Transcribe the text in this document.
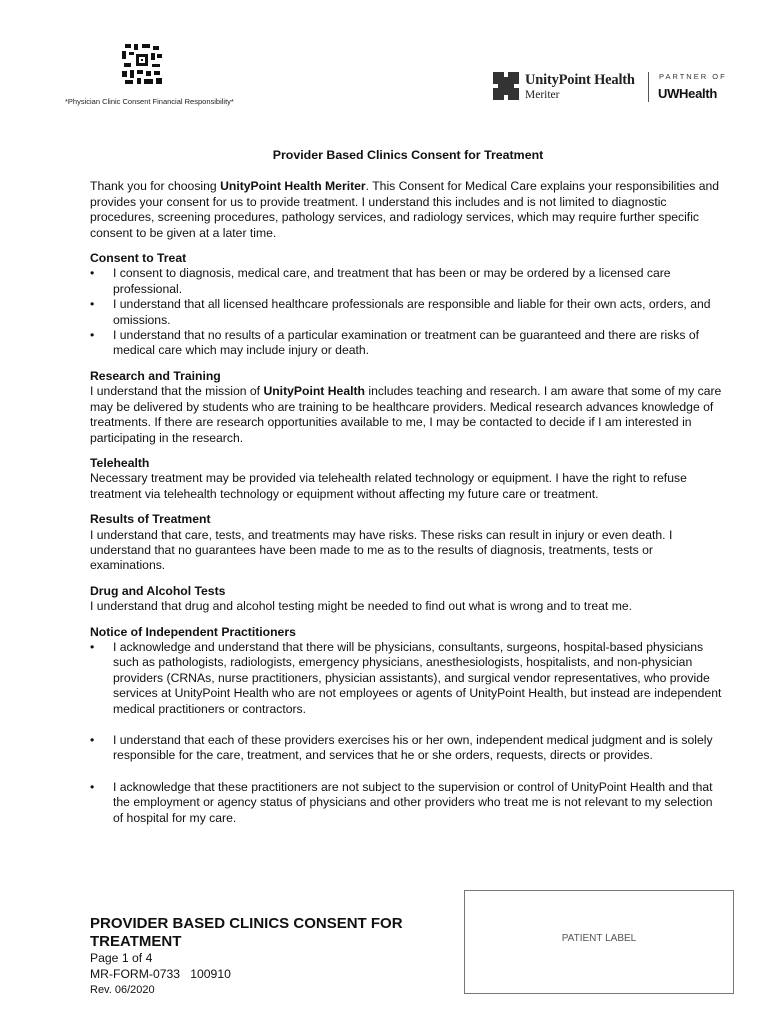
*Physician Clinic Consent Financial Responsibility*
UnityPoint Health
Meriter
PARTNER OF
UWHealth
Provider Based Clinics Consent for Treatment

Thank you for choosing UnityPoint Health Meriter. This Consent for Medical Care explains your responsibilities and provides your consent for us to provide treatment. I understand this includes and is not limited to diagnostic procedures, screening procedures, pathology services, and radiology services, which may require further specific consent to be given at a later time.

Consent to Treat
• I consent to diagnosis, medical care, and treatment that has been or may be ordered by a licensed care professional.
• I understand that all licensed healthcare professionals are responsible and liable for their own acts, orders, and omissions.
• I understand that no results of a particular examination or treatment can be guaranteed and there are risks of medical care which may include injury or death.
Research and Training

I understand that the mission of UnityPoint Health includes teaching and research. I am aware that some of my care may be delivered by students who are training to be healthcare providers. Medical research advances knowledge of treatments. If there are research opportunities available to me, I may be contacted to decide if I am interested in participating in the research.

Telehealth

Necessary treatment may be provided via telehealth related technology or equipment. I have the right to refuse treatment via telehealth technology or equipment without affecting my future care or treatment.

Results of Treatment

I understand that care, tests, and treatments may have risks. These risks can result in injury or even death. I understand that no guarantees have been made to me as to the results of diagnosis, treatments, tests or examinations.

Drug and Alcohol Tests

I understand that drug and alcohol testing might be needed to find out what is wrong and to treat me.

Notice of Independent Practitioners
• I acknowledge and understand that there will be physicians, consultants, surgeons, hospital-based physicians such as pathologists, radiologists, emergency physicians, anesthesiologists, hospitalists, and non-physician providers (CRNAs, nurse practitioners, physician assistants), and surgical vendor representatives, who provide services at UnityPoint Health who are not employees or agents of UnityPoint Health, but instead are independent medical practitioners or contractors.
• I understand that each of these providers exercises his or her own, independent medical judgment and is solely responsible for the care, treatment, and services that he or she orders, requests, directs or provides.
• I acknowledge that these practitioners are not subject to the supervision or control of UnityPoint Health and that the employment or agency status of physicians and other providers who treat me is not relevant to my selection of hospital for my care.
PROVIDER BASED CLINICS CONSENT FOR TREATMENT
Page 1 of 4
MR-FORM-0733   100910
Rev. 06/2020
PATIENT LABEL
